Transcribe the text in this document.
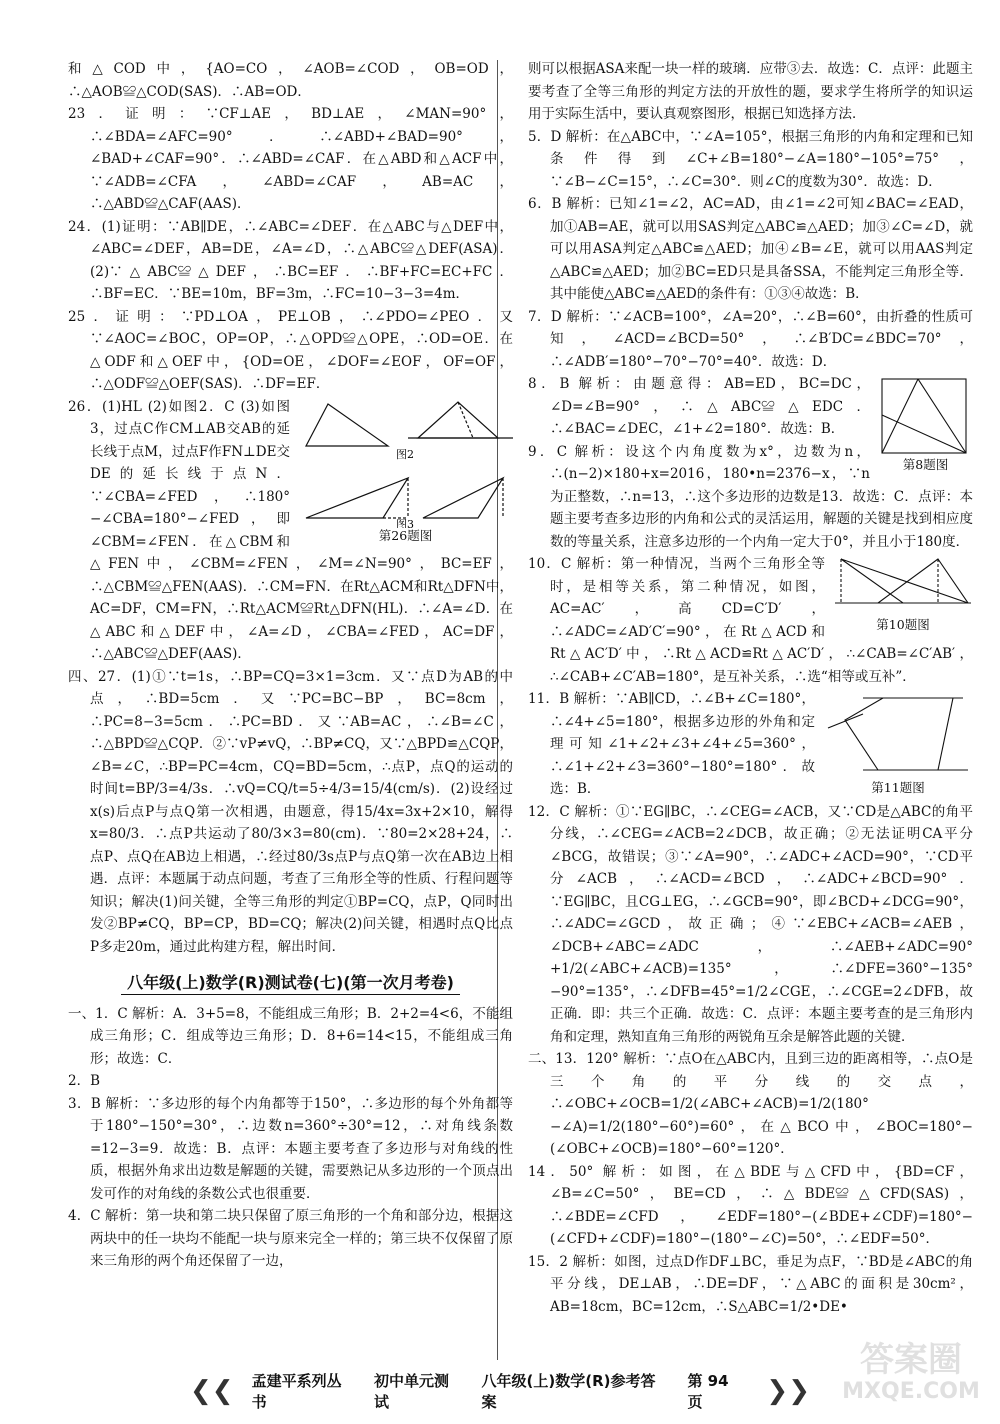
和△COD中，{AO=CO，∠AOB=∠COD，OB=OD，∴△AOB≌△COD(SAS)．∴AB=OD．

23．证明：∵CF⊥AE，BD⊥AE，∠MAN=90°，∴∠BDA=∠AFC=90°．∴∠ABD+∠BAD=90°，∠BAD+∠CAF=90°．∴∠ABD=∠CAF．在△ABD和△ACF中，∵∠ADB=∠CFA，∠ABD=∠CAF，AB=AC，∴△ABD≌△CAF(AAS)．

24．(1)证明：∵AB∥DE，∴∠ABC=∠DEF．在△ABC与△DEF中，∠ABC=∠DEF，AB=DE，∠A=∠D，∴△ABC≌△DEF(ASA)．(2)∵△ABC≌△DEF，∴BC=EF．∴BF+FC=EC+FC．∴BF=EC．∵BE=10m，BF=3m，∴FC=10−3−3=4m．

25．证明：∵PD⊥OA，PE⊥OB，∴∠PDO=∠PEO．又∵∠AOC=∠BOC，OP=OP，∴△OPD≌△OPE，∴OD=OE．在△ODF和△OEF中，{OD=OE，∠DOF=∠EOF，OF=OF，∴△ODF≌△OEF(SAS)．∴DF=EF．

图2
图3
第26题图

26．(1)HL (2)如图2．C (3)如图3，过点C作CM⊥AB交AB的延长线于点M，过点F作FN⊥DE交DE的延长线于点N．∵∠CBA=∠FED，∴180°−∠CBA=180°−∠FED，即∠CBM=∠FEN．在△CBM和△FEN中，∠CBM=∠FEN，∠M=∠N=90°，BC=EF，∴△CBM≌△FEN(AAS)．∴CM=FN．在Rt△ACM和Rt△DFN中，AC=DF，CM=FN，∴Rt△ACM≌Rt△DFN(HL)．∴∠A=∠D．在△ABC和△DEF中，∠A=∠D，∠CBA=∠FED，AC=DF，∴△ABC≌△DEF(AAS)．

四、27．(1)①∵t=1s，∴BP=CQ=3×1=3cm．又∵点D为AB的中点，∴BD=5cm．又∵PC=BC−BP，BC=8cm，∴PC=8−3=5cm．∴PC=BD．又∵AB=AC，∴∠B=∠C，∴△BPD≌△CQP．②∵vP≠vQ，∴BP≠CQ，又∵△BPD≌△CQP，∠B=∠C，∴BP=PC=4cm，CQ=BD=5cm，∴点P，点Q的运动的时间t=BP/3=4/3s．∴vQ=CQ/t=5÷4/3=15/4(cm/s)．(2)设经过x(s)后点P与点Q第一次相遇，由题意，得15/4x=3x+2×10，解得x=80/3．∴点P共运动了80/3×3=80(cm)．∵80=2×28+24，∴点P、点Q在AB边上相遇，∴经过80/3s点P与点Q第一次在AB边上相遇．点评：本题属于动点问题，考查了三角形全等的性质、行程问题等知识；解决(1)问关键，全等三角形的判定①BP=CQ，点P，Q同时出发②BP≠CQ，BP=CP，BD=CQ；解决(2)问关键，相遇时点Q比点P多走20m，通过此构建方程，解出时间．

八年级(上)数学(R)测试卷(七)(第一次月考卷)

一、1．C 解析：A．3+5=8，不能组成三角形；B．2+2=4<6，不能组成三角形；C．组成等边三角形；D．8+6=14<15，不能组成三角形；故选：C．

2．B

3．B 解析：∵多边形的每个内角都等于150°，∴多边形的每个外角都等于180°−150°=30°，∴边数n=360°÷30°=12，∴对角线条数=12−3=9．故选：B．点评：本题主要考查了多边形与对角线的性质，根据外角求出边数是解题的关键，需要熟记从多边形的一个顶点出发可作的对角线的条数公式也很重要．

4．C 解析：第一块和第二块只保留了原三角形的一个角和部分边，根据这两块中的任一块均不能配一块与原来完全一样的；第三块不仅保留了原来三角形的两个角还保留了一边，

则可以根据ASA来配一块一样的玻璃．应带③去．故选：C．点评：此题主要考查了全等三角形的判定方法的开放性的题，要求学生将所学的知识运用于实际生活中，要认真观察图形，根据已知选择方法．

5．D 解析：在△ABC中，∵∠A=105°，根据三角形的内角和定理和已知条件得到∠C+∠B=180°−∠A=180°−105°=75°，∵∠B−∠C=15°，∴∠C=30°．则∠C的度数为30°．故选：D．

6．B 解析：已知∠1=∠2，AC=AD，由∠1=∠2可知∠BAC=∠EAD，加①AB=AE，就可以用SAS判定△ABC≌△AED；加③∠C=∠D，就可以用ASA判定△ABC≌△AED；加④∠B=∠E，就可以用AAS判定△ABC≌△AED；加②BC=ED只是具备SSA，不能判定三角形全等．其中能使△ABC≌△AED的条件有：①③④故选：B．

7．D 解析：∵∠ACB=100°，∠A=20°，∴∠B=60°，由折叠的性质可知，∠ACD=∠BCD=50°，∴∠B′DC=∠BDC=70°，∴∠ADB′=180°−70°−70°=40°．故选：D．

第8题图

8．B 解析：由题意得：AB=ED，BC=DC，∠D=∠B=90°，∴△ABC≌△EDC．∴∠BAC=∠DEC，∠1+∠2=180°．故选：B．

9．C 解析：设这个内角度数为x°，边数为n，∴(n−2)×180+x=2016，180•n=2376−x，∵n为正整数，∴n=13，∴这个多边形的边数是13．故选：C．点评：本题主要考查多边形的内角和公式的灵活运用，解题的关键是找到相应度数的等量关系，注意多边形的一个内角一定大于0°，并且小于180度．

第10题图

10．C 解析：第一种情况，当两个三角形全等时，是相等关系，第二种情况，如图，AC=AC′，高CD=C′D′，∴∠ADC=∠AD′C′=90°，在Rt△ACD和Rt△AC′D′中，∴Rt△ACD≌Rt△AC′D′，∴∠CAB=∠C′AB′，∴∠CAB+∠C′AB=180°，是互补关系，∴选“相等或互补”．

第11题图

11．B 解析：∵AB∥CD，∴∠B+∠C=180°，∴∠4+∠5=180°，根据多边形的外角和定理可知∠1+∠2+∠3+∠4+∠5=360°，∴∠1+∠2+∠3=360°−180°=180°．故选：B．

12．C 解析：①∵EG∥BC，∴∠CEG=∠ACB，又∵CD是△ABC的角平分线，∴∠CEG=∠ACB=2∠DCB，故正确；②无法证明CA平分∠BCG，故错误；③∵∠A=90°，∴∠ADC+∠ACD=90°，∵CD平分∠ACB，∴∠ACD=∠BCD，∴∠ADC+∠BCD=90°．∵EG∥BC，且CG⊥EG，∴∠GCB=90°，即∠BCD+∠DCG=90°，∴∠ADC=∠GCD，故正确；④∵∠EBC+∠ACB=∠AEB，∠DCB+∠ABC=∠ADC，∴∠AEB+∠ADC=90°+1/2(∠ABC+∠ACB)=135°，∴∠DFE=360°−135°−90°=135°，∴∠DFB=45°=1/2∠CGE，∴∠CGE=2∠DFB，故正确．即：共三个正确．故选：C．点评：本题主要考查的是三角形内角和定理，熟知直角三角形的两锐角互余是解答此题的关键．

二、13．120° 解析：∵点O在△ABC内，且到三边的距离相等，∴点O是三个角的平分线的交点，∴∠OBC+∠OCB=1/2(∠ABC+∠ACB)=1/2(180°−∠A)=1/2(180°−60°)=60°，在△BCO中，∠BOC=180°−(∠OBC+∠OCB)=180°−60°=120°．

14．50° 解析：如图，在△BDE与△CFD中，{BD=CF，∠B=∠C=50°，BE=CD，∴△BDE≌△CFD(SAS)，∴∠BDE=∠CFD，∠EDF=180°−(∠BDE+∠CDF)=180°−(∠CFD+∠CDF)=180°−(180°−∠C)=50°，∴∠EDF=50°．

15．2 解析：如图，过点D作DF⊥BC，垂足为点F，∵BD是∠ABC的角平分线，DE⊥AB，∴DE=DF，∵△ABC的面积是30cm²，AB=18cm，BC=12cm，∴S△ABC=1/2•DE•

❮❮ 孟建平系列丛书
初中单元测试
八年级(上)数学(R)参考答案
第 94 页	❯❯
答案圈
MXQE.COM
